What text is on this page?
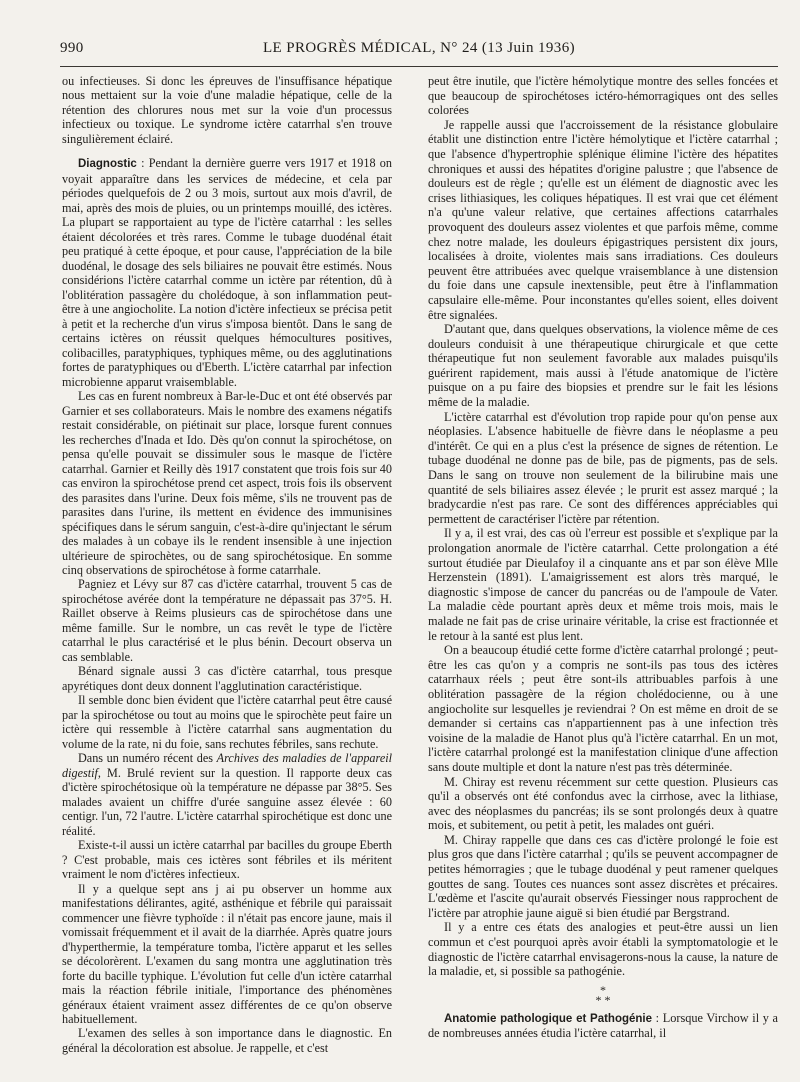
990	LE PROGRÈS MÉDICAL, N° 24 (13 Juin 1936)

ou infectieuses. Si donc les épreuves de l'insuffisance hépatique nous mettaient sur la voie d'une maladie hépatique, celle de la rétention des chlorures nous met sur la voie d'un processus infectieux ou toxique. Le syndrome ictère catarrhal s'en trouve singulièrement éclairé.

Diagnostic : Pendant la dernière guerre vers 1917 et 1918 on voyait apparaître dans les services de médecine, et cela par périodes quelquefois de 2 ou 3 mois, surtout aux mois d'avril, de mai, après des mois de pluies, ou un printemps mouillé, des ictères. La plupart se rapportaient au type de l'ictère catarrhal : les selles étaient décolorées et très rares. Comme le tubage duodénal était peu pratiqué à cette époque, et pour cause, l'appréciation de la bile duodénal, le dosage des sels biliaires ne pouvait être estimés. Nous considérions l'ictère catarrhal comme un ictère par rétention, dû à l'oblitération passagère du cholédoque, à son inflammation peut-être à une angiocholite. La notion d'ictère infectieux se précisa petit à petit et la recherche d'un virus s'imposa bientôt. Dans le sang de certains ictères on réussit quelques hémocultures positives, colibacilles, paratyphiques, typhiques même, ou des agglutinations fortes de paratyphiques ou d'Eberth. L'ictère catarrhal par infection microbienne apparut vraisemblable.

Les cas en furent nombreux à Bar-le-Duc et ont été observés par Garnier et ses collaborateurs. Mais le nombre des examens négatifs restait considérable, on piétinait sur place, lorsque furent connues les recherches d'Inada et Ido. Dès qu'on connut la spirochétose, on pensa qu'elle pouvait se dissimuler sous le masque de l'ictère catarrhal. Garnier et Reilly dès 1917 constatent que trois fois sur 40 cas environ la spirochétose prend cet aspect, trois fois ils observent des parasites dans l'urine. Deux fois même, s'ils ne trouvent pas de parasites dans l'urine, ils mettent en évidence des immunisines spécifiques dans le sérum sanguin, c'est-à-dire qu'injectant le sérum des malades à un cobaye ils le rendent insensible à une injection ultérieure de spirochètes, ou de sang spirochétosique. En somme cinq observations de spirochétose à forme catarrhale.

Pagniez et Lévy sur 87 cas d'ictère catarrhal, trouvent 5 cas de spirochétose avérée dont la température ne dépassait pas 37°5. H. Raillet observe à Reims plusieurs cas de spirochétose dans une même famille. Sur le nombre, un cas revêt le type de l'ictère catarrhal le plus caractérisé et le plus bénin. Decourt observa un cas semblable.

Bénard signale aussi 3 cas d'ictère catarrhal, tous presque apyrétiques dont deux donnent l'agglutination caractéristique.

Il semble donc bien évident que l'ictère catarrhal peut être causé par la spirochétose ou tout au moins que le spirochète peut faire un ictère qui ressemble à l'ictère catarrhal sans augmentation du volume de la rate, ni du foie, sans rechutes fébriles, sans rechute.

Dans un numéro récent des Archives des maladies de l'appareil digestif, M. Brulé revient sur la question. Il rapporte deux cas d'ictère spirochétosique où la température ne dépasse par 38°5. Ses malades avaient un chiffre d'urée sanguine assez élevée : 60 centigr. l'un, 72 l'autre. L'ictère catarrhal spirochétique est donc une réalité.

Existe-t-il aussi un ictère catarrhal par bacilles du groupe Eberth ? C'est probable, mais ces ictères sont fébriles et ils méritent vraiment le nom d'ictères infectieux.

Il y a quelque sept ans j ai pu observer un homme aux manifestations délirantes, agité, asthénique et fébrile qui paraissait commencer une fièvre typhoïde : il n'était pas encore jaune, mais il vomissait fréquemment et il avait de la diarrhée. Après quatre jours d'hyperthermie, la température tomba, l'ictère apparut et les selles se décolorèrent. L'examen du sang montra une agglutination très forte du bacille typhique. L'évolution fut celle d'un ictère catarrhal mais la réaction fébrile initiale, l'importance des phénomènes généraux étaient vraiment assez différentes de ce qu'on observe habituellement.

L'examen des selles à son importance dans le diagnostic. En général la décoloration est absolue. Je rappelle, et c'est

peut être inutile, que l'ictère hémolytique montre des selles foncées et que beaucoup de spirochétoses ictéro-hémorragiques ont des selles colorées

Je rappelle aussi que l'accroissement de la résistance globulaire établit une distinction entre l'ictère hémolytique et l'ictère catarrhal ; que l'absence d'hypertrophie splénique élimine l'ictère des hépatites chroniques et aussi des hépatites d'origine palustre ; que l'absence de douleurs est de règle ; qu'elle est un élément de diagnostic avec les crises lithiasiques, les coliques hépatiques. Il est vrai que cet élément n'a qu'une valeur relative, que certaines affections catarrhales provoquent des douleurs assez violentes et que parfois même, comme chez notre malade, les douleurs épigastriques persistent dix jours, localisées à droite, violentes mais sans irradiations. Ces douleurs peuvent être attribuées avec quelque vraisemblance à une distension du foie dans une capsule inextensible, peut être à l'inflammation capsulaire elle-même. Pour inconstantes qu'elles soient, elles doivent être signalées.

D'autant que, dans quelques observations, la violence même de ces douleurs conduisit à une thérapeutique chirurgicale et que cette thérapeutique fut non seulement favorable aux malades puisqu'ils guérirent rapidement, mais aussi à l'étude anatomique de l'ictère puisque on a pu faire des biopsies et prendre sur le fait les lésions même de la maladie.

L'ictère catarrhal est d'évolution trop rapide pour qu'on pense aux néoplasies. L'absence habituelle de fièvre dans le néoplasme a peu d'intérêt. Ce qui en a plus c'est la présence de signes de rétention. Le tubage duodénal ne donne pas de bile, pas de pigments, pas de sels. Dans le sang on trouve non seulement de la bilirubine mais une quantité de sels biliaires assez élevée ; le prurit est assez marqué ; la bradycardie n'est pas rare. Ce sont des différences appréciables qui permettent de caractériser l'ictère par rétention.

Il y a, il est vrai, des cas où l'erreur est possible et s'explique par la prolongation anormale de l'ictère catarrhal. Cette prolongation a été surtout étudiée par Dieulafoy il a cinquante ans et par son élève Mlle Herzenstein (1891). L'amaigrissement est alors très marqué, le diagnostic s'impose de cancer du pancréas ou de l'ampoule de Vater. La maladie cède pourtant après deux et même trois mois, mais le malade ne fait pas de crise urinaire véritable, la crise est fractionnée et le retour à la santé est plus lent.

On a beaucoup étudié cette forme d'ictère catarrhal prolongé ; peut-être les cas qu'on y a compris ne sont-ils pas tous des ictères catarrhaux réels ; peut être sont-ils attribuables parfois à une oblitération passagère de la région cholédocienne, ou à une angiocholite sur lesquelles je reviendrai ? On est même en droit de se demander si certains cas n'appartiennent pas à une infection très voisine de la maladie de Hanot plus qu'à l'ictère catarrhal. En un mot, l'ictère catarrhal prolongé est la manifestation clinique d'une affection sans doute multiple et dont la nature n'est pas très déterminée.

M. Chiray est revenu récemment sur cette question. Plusieurs cas qu'il a observés ont été confondus avec la cirrhose, avec la lithiase, avec des néoplasmes du pancréas; ils se sont prolongés deux à quatre mois, et subitement, ou petit à petit, les malades ont guéri.

M. Chiray rappelle que dans ces cas d'ictère prolongé le foie est plus gros que dans l'ictère catarrhal ; qu'ils se peuvent accompagner de petites hémorragies ; que le tubage duodénal y peut ramener quelques gouttes de sang. Toutes ces nuances sont assez discrètes et précaires. L'œdème et l'ascite qu'aurait observés Fiessinger nous rapprochent de l'ictère par atrophie jaune aiguë si bien étudié par Bergstrand.

Il y a entre ces états des analogies et peut-être aussi un lien commun et c'est pourquoi après avoir établi la symptomatologie et le diagnostic de l'ictère catarrhal envisagerons-nous la cause, la nature de la maladie, et, si possible sa pathogénie.

*
* *

Anatomie pathologique et Pathogénie : Lorsque Virchow il y a de nombreuses années étudia l'ictère catarrhal, il
